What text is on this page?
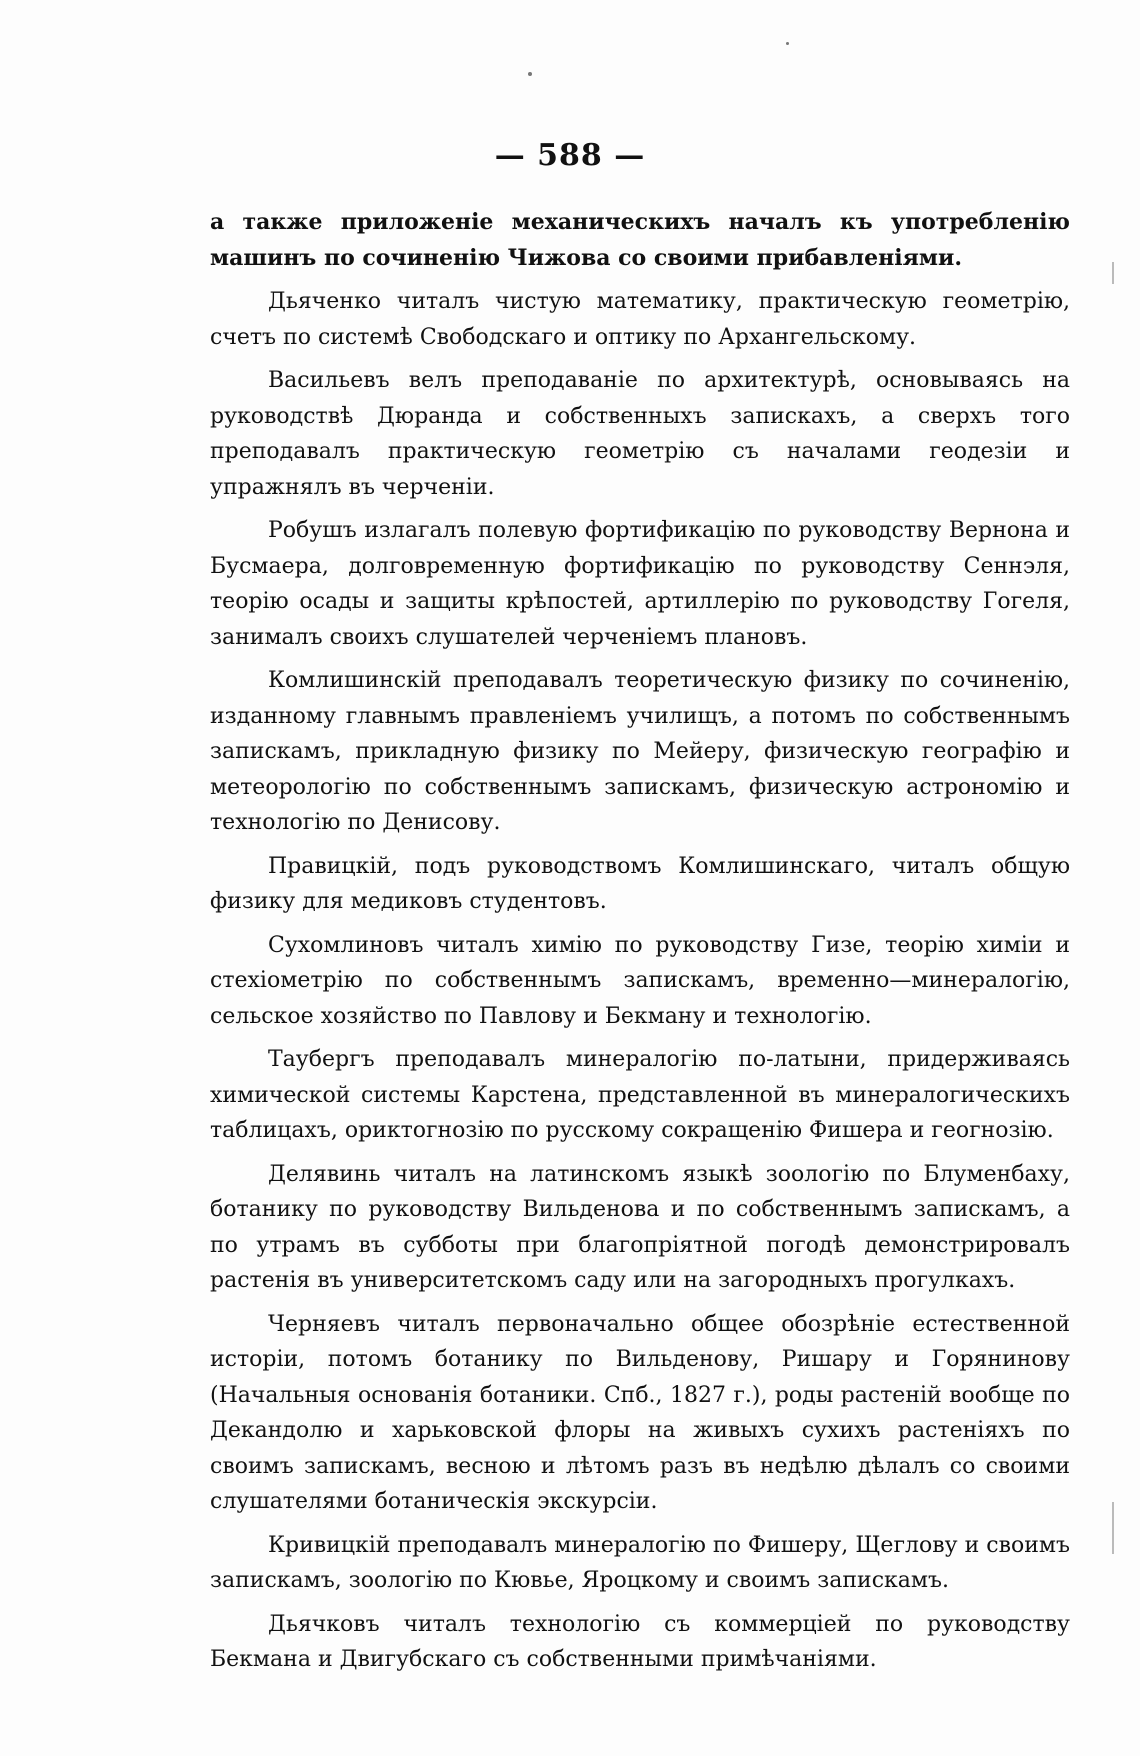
— 588 —

а также приложеніе механическихъ началъ къ употребленію машинъ по сочиненію Чижова со своими прибавленіями.

Дьяченко читалъ чистую математику, практическую геометрію, счетъ по системѣ Свободскаго и оптику по Архангельскому.

Васильевъ велъ преподаваніе по архитектурѣ, основываясь на руководствѣ Дюранда и собственныхъ запискахъ, а сверхъ того преподавалъ практическую геометрію съ началами геодезіи и упражнялъ въ черченіи.

Робушъ излагалъ полевую фортификацію по руководству Вернона и Бусмаера, долговременную фортификацію по руководству Сеннэля, теорію осады и защиты крѣпостей, артиллерію по руководству Гогеля, занималъ своихъ слушателей черченіемъ плановъ.

Комлишинскій преподавалъ теоретическую физику по сочиненію, изданному главнымъ правленіемъ училищъ, а потомъ по собственнымъ запискамъ, прикладную физику по Мейеру, физическую географію и метеорологію по собственнымъ запискамъ, физическую астрономію и технологію по Денисову.

Правицкій, подъ руководствомъ Комлишинскаго, читалъ общую физику для медиковъ студентовъ.

Сухомлиновъ читалъ химію по руководству Гизе, теорію химіи и стехіометрію по собственнымъ запискамъ, временно—минералогію, сельское хозяйство по Павлову и Бекману и технологію.

Таубергъ преподавалъ минералогію по-латыни, придерживаясь химической системы Карстена, представленной въ минералогическихъ таблицахъ, ориктогнозію по русскому сокращенію Фишера и геогнозію.

Делявинь читалъ на латинскомъ языкѣ зоологію по Блуменбаху, ботанику по руководству Вильденова и по собственнымъ запискамъ, а по утрамъ въ субботы при благопріятной погодѣ демонстрировалъ растенія въ университетскомъ саду или на загородныхъ прогулкахъ.

Черняевъ читалъ первоначально общее обозрѣніе естественной исторіи, потомъ ботанику по Вильденову, Ришару и Горянинову (Начальныя основанія ботаники. Спб., 1827 г.), роды растеній вообще по Декандолю и харьковской флоры на живыхъ сухихъ растеніяхъ по своимъ запискамъ, весною и лѣтомъ разъ въ недѣлю дѣлалъ со своими слушателями ботаническія экскурсіи.

Кривицкій преподавалъ минералогію по Фишеру, Щеглову и своимъ запискамъ, зоологію по Кювье, Яроцкому и своимъ запискамъ.

Дьячковъ читалъ технологію съ коммерціей по руководству Бекмана и Двигубскаго съ собственными примѣчаніями.
